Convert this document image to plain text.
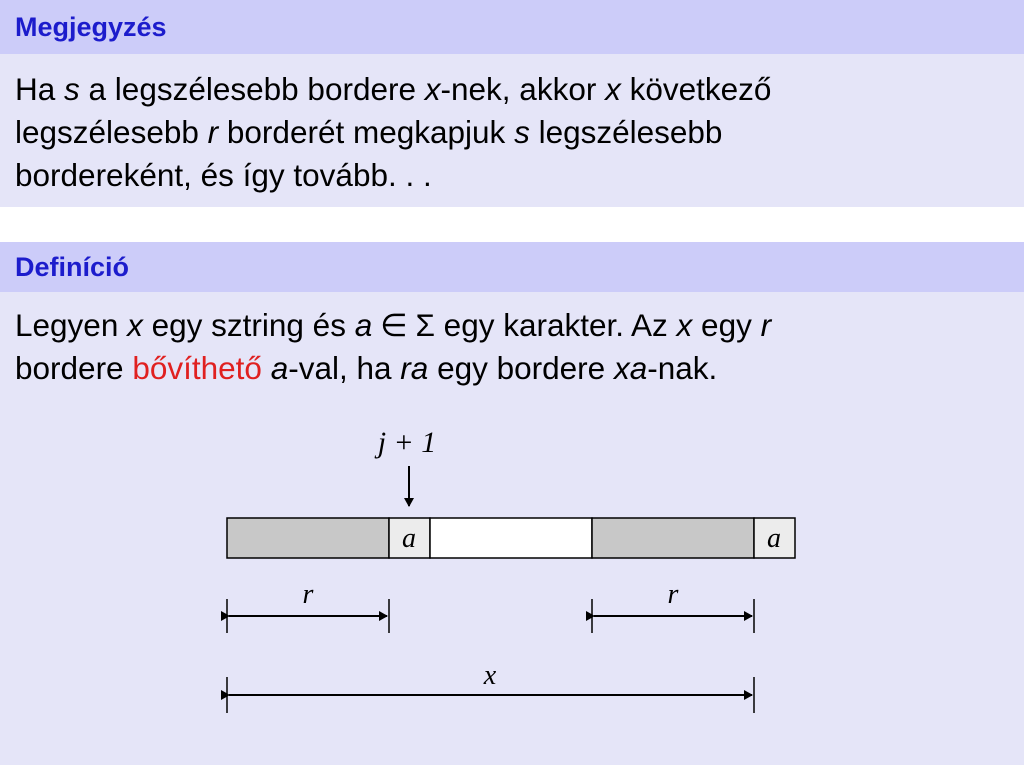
Megjegyzés
Ha s a legszélesebb bordere x-nek, akkor x következő
legszélesebb r borderét megkapjuk s legszélesebb
bordereként, és így tovább. . .
Definíció
Legyen x egy sztring és a ∈ Σ egy karakter. Az x egy r
bordere bővíthető a-val, ha ra egy bordere xa-nak.
j + 1
a	a
r	r
x
